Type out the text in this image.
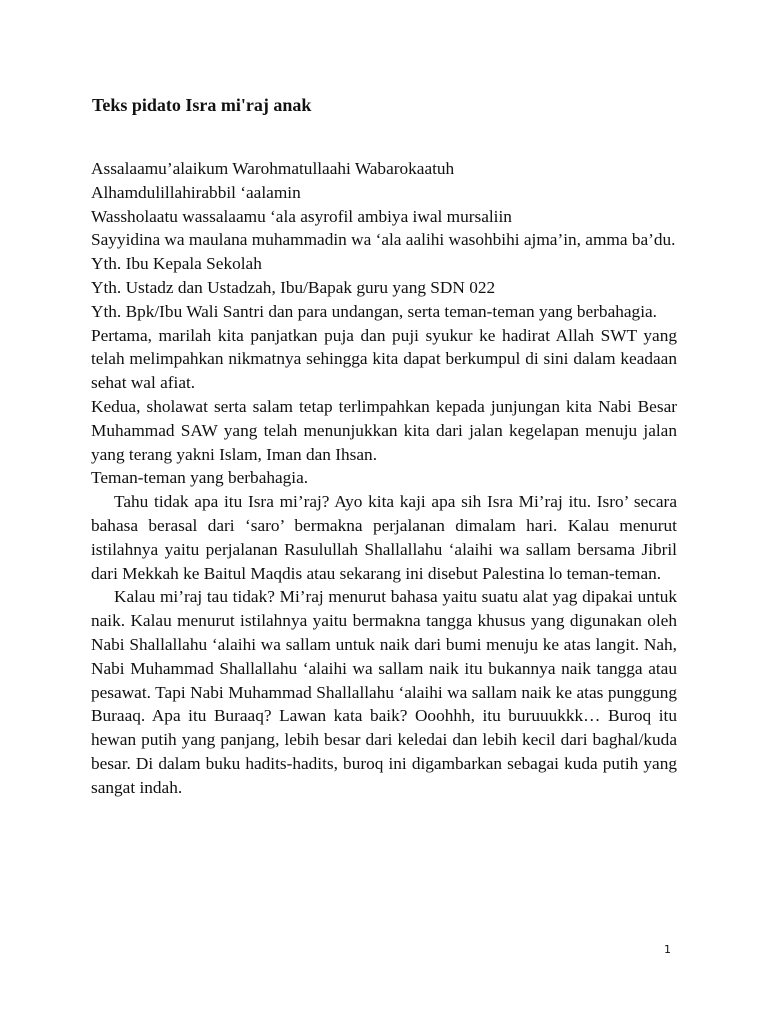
Teks pidato Isra mi'raj anak

Assalaamu’alaikum Warohmatullaahi Wabarokaatuh

Alhamdulillahirabbil ‘aalamin

Wassholaatu wassalaamu ‘ala asyrofil ambiya iwal mursaliin

Sayyidina wa maulana muhammadin wa ‘ala aalihi wasohbihi ajma’in, amma ba’du.

Yth. Ibu Kepala Sekolah

Yth. Ustadz dan Ustadzah, Ibu/Bapak guru yang SDN 022

Yth. Bpk/Ibu Wali Santri dan para undangan, serta teman-teman yang berbahagia.

Pertama, marilah kita panjatkan puja dan puji syukur ke hadirat Allah SWT yang telah melimpahkan nikmatnya sehingga kita dapat berkumpul di sini dalam keadaan sehat wal afiat.

Kedua, sholawat serta salam tetap terlimpahkan kepada junjungan kita Nabi Besar Muhammad SAW yang telah menunjukkan kita dari jalan kegelapan menuju jalan yang terang yakni Islam, Iman dan Ihsan.

Teman-teman yang berbahagia.

Tahu tidak apa itu Isra mi’raj? Ayo kita kaji apa sih Isra Mi’raj itu. Isro’ secara bahasa berasal dari ‘saro’ bermakna perjalanan dimalam hari. Kalau menurut istilahnya yaitu perjalanan Rasulullah Shallallahu ‘alaihi wa sallam bersama Jibril dari Mekkah ke Baitul Maqdis atau sekarang ini disebut Palestina lo teman-teman.

Kalau mi’raj tau tidak? Mi’raj menurut bahasa yaitu suatu alat yag dipakai untuk naik. Kalau menurut istilahnya yaitu bermakna tangga khusus yang digunakan oleh Nabi Shallallahu ‘alaihi wa sallam untuk naik dari bumi menuju ke atas langit. Nah, Nabi Muhammad Shallallahu ‘alaihi wa sallam naik itu bukannya naik tangga atau pesawat. Tapi Nabi Muhammad Shallallahu ‘alaihi wa sallam naik ke atas punggung Buraaq. Apa itu Buraaq? Lawan kata baik? Ooohhh, itu buruuukkk… Buroq itu hewan putih yang panjang, lebih besar dari keledai dan lebih kecil dari baghal/kuda besar. Di dalam buku hadits-hadits, buroq ini digambarkan sebagai kuda putih yang sangat indah.

1
